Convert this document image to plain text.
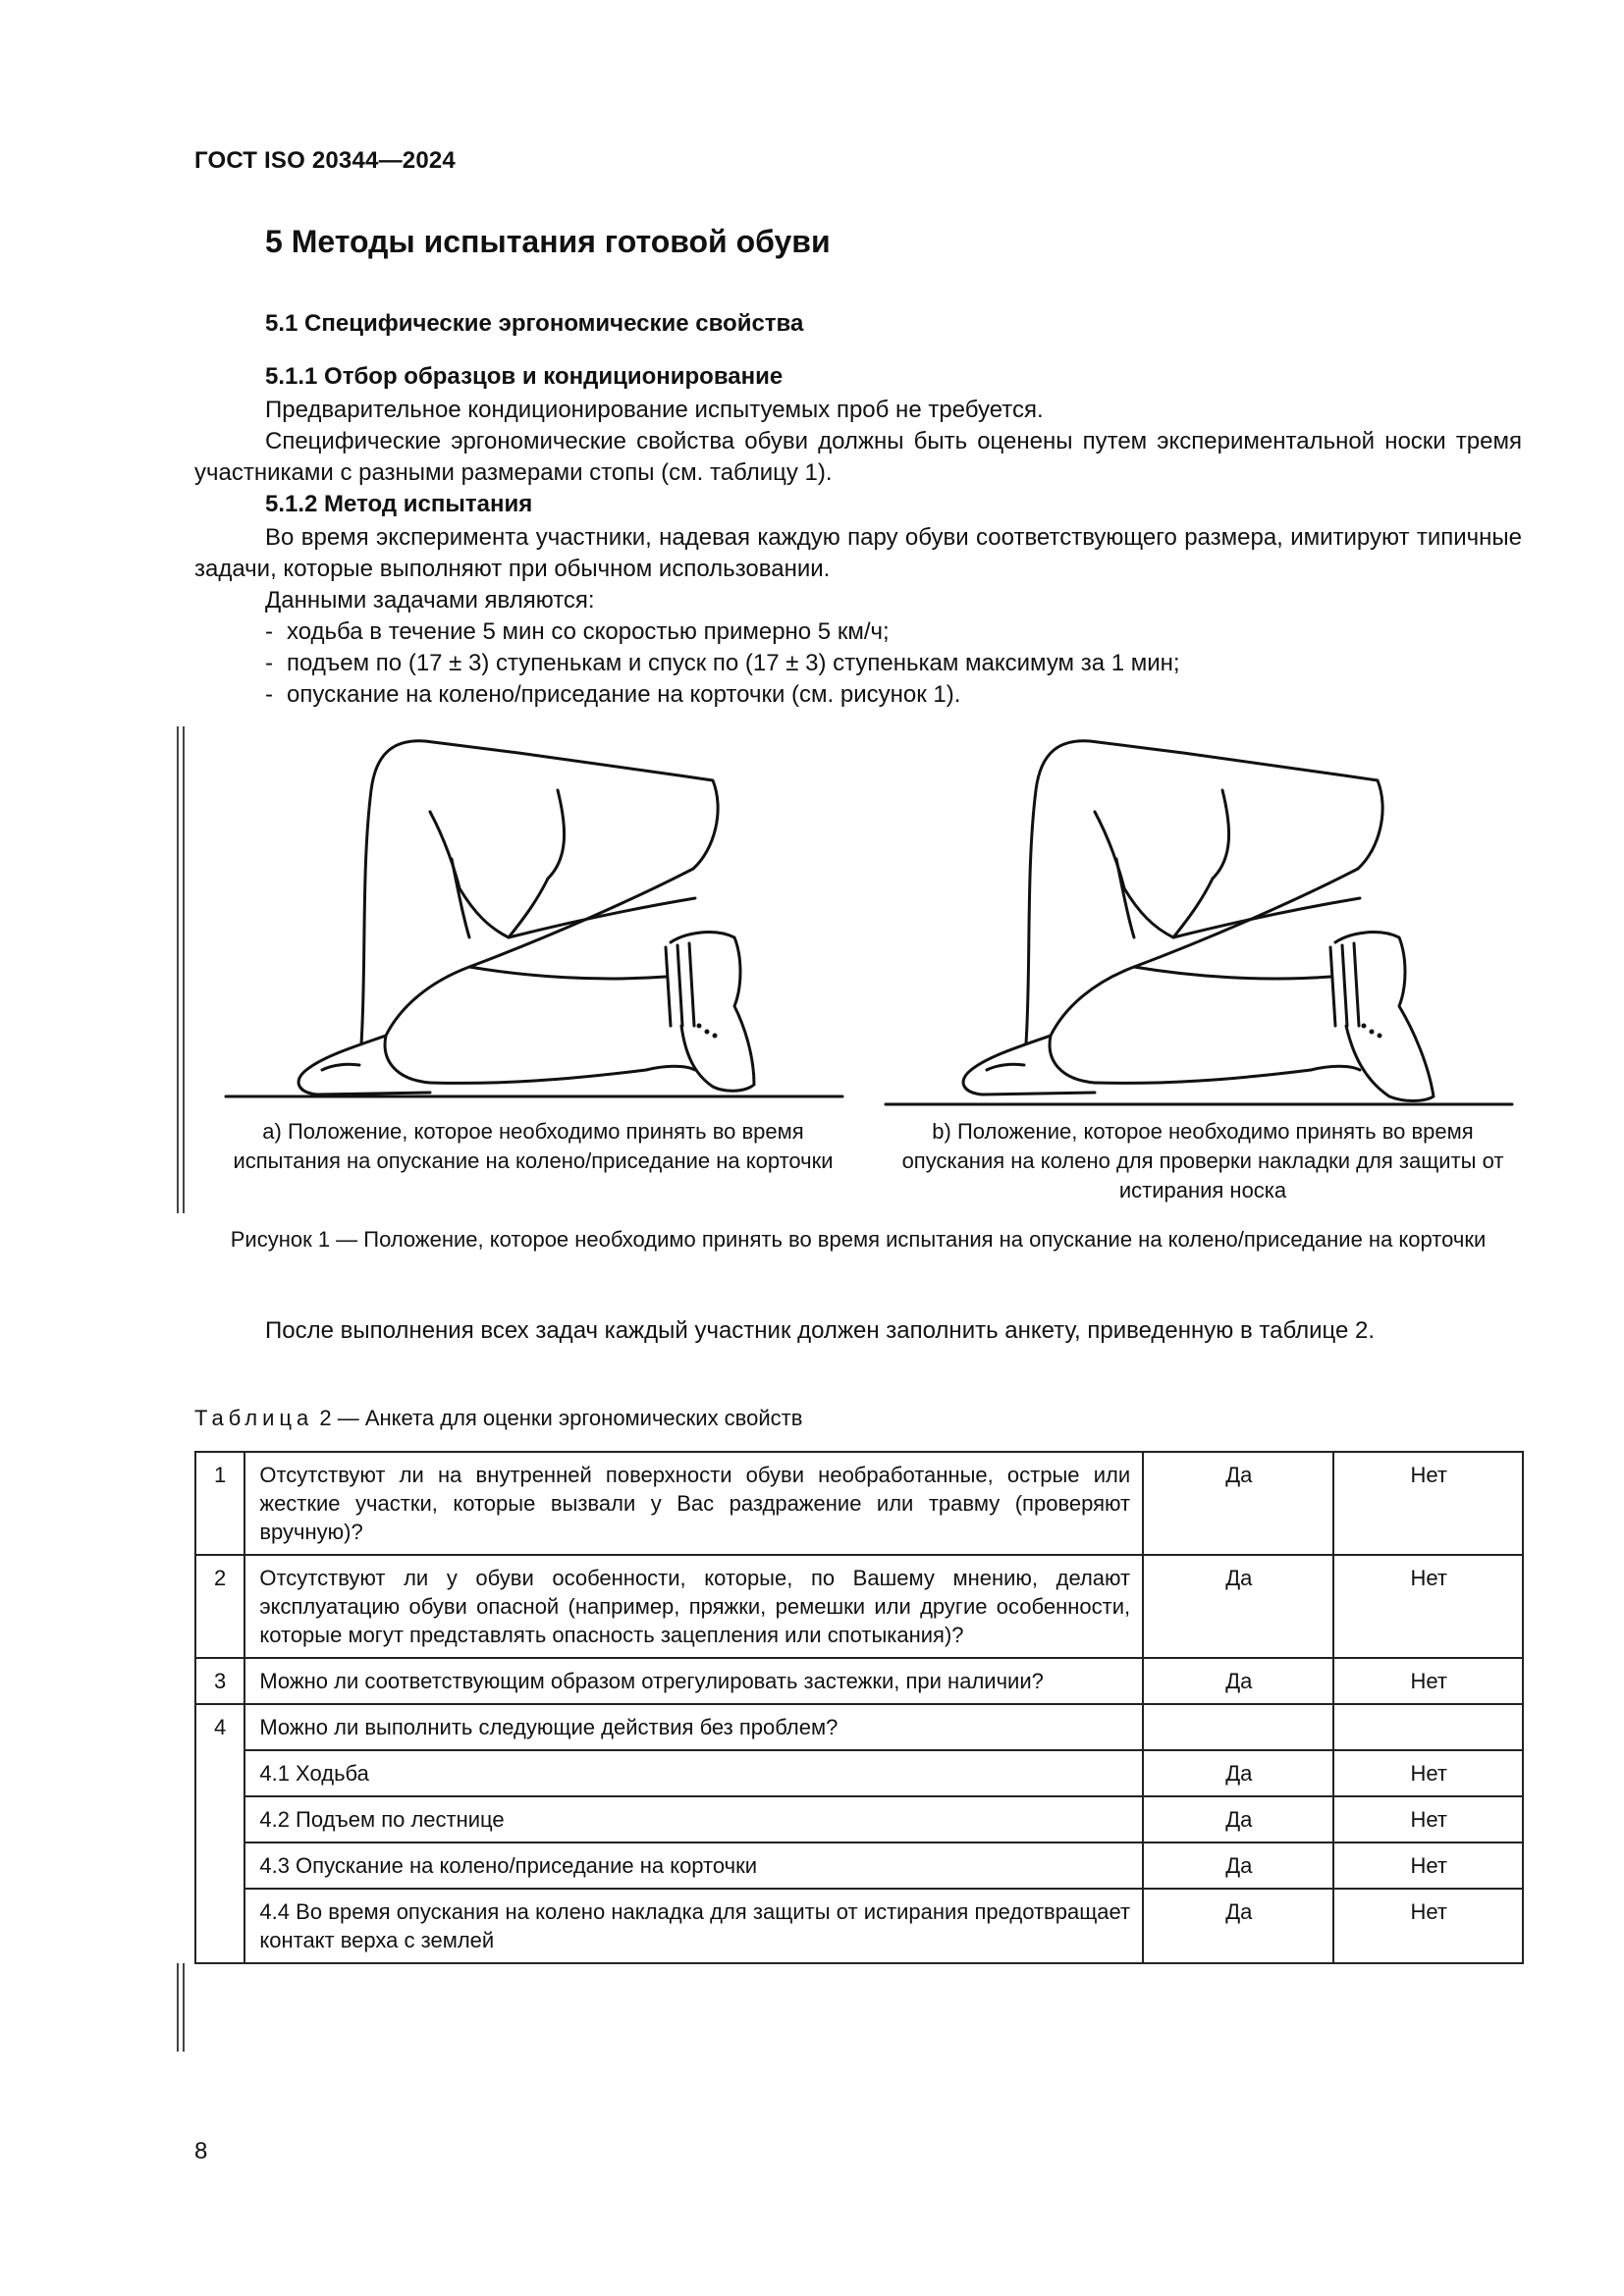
ГОСТ ISO 20344—2024
5 Методы испытания готовой обуви
5.1 Специфические эргономические свойства
5.1.1 Отбор образцов и кондиционирование
Предварительное кондиционирование испытуемых проб не требуется.
Специфические эргономические свойства обуви должны быть оценены путем экспериментальной носки тремя участниками с разными размерами стопы (см. таблицу 1).
5.1.2 Метод испытания
Во время эксперимента участники, надевая каждую пару обуви соответствующего размера, имитируют типичные задачи, которые выполняют при обычном использовании.
Данными задачами являются:
- ходьба в течение 5 мин со скоростью примерно 5 км/ч;
- подъем по (17 ± 3) ступенькам и спуск по (17 ± 3) ступенькам максимум за 1 мин;
- опускание на колено/приседание на корточки (см. рисунок 1).
a) Положение, которое необходимо принять во время испытания на опускание на колено/приседание на корточки
b) Положение, которое необходимо принять во время опускания на колено для проверки накладки для защиты от истирания носка
Рисунок 1 — Положение, которое необходимо принять во время испытания на опускание на колено/приседание на корточки
После выполнения всех задач каждый участник должен заполнить анкету, приведенную в таблице 2.
Таблица 2 — Анкета для оценки эргономических свойств
1	Отсутствуют ли на внутренней поверхности обуви необработанные, острые или жесткие участки, которые вызвали у Вас раздражение или травму (проверяют вручную)?	Да	Нет
2	Отсутствуют ли у обуви особенности, которые, по Вашему мнению, делают эксплуатацию обуви опасной (например, пряжки, ремешки или другие особенности, которые могут представлять опасность зацепления или спотыкания)?	Да	Нет
3	Можно ли соответствующим образом отрегулировать застежки, при наличии?	Да	Нет
4	Можно ли выполнить следующие действия без проблем?		
	4.1 Ходьба	Да	Нет
	4.2 Подъем по лестнице	Да	Нет
	4.3 Опускание на колено/приседание на корточки	Да	Нет
	4.4 Во время опускания на колено накладка для защиты от истирания предотвращает контакт верха с землей	Да	Нет
8
